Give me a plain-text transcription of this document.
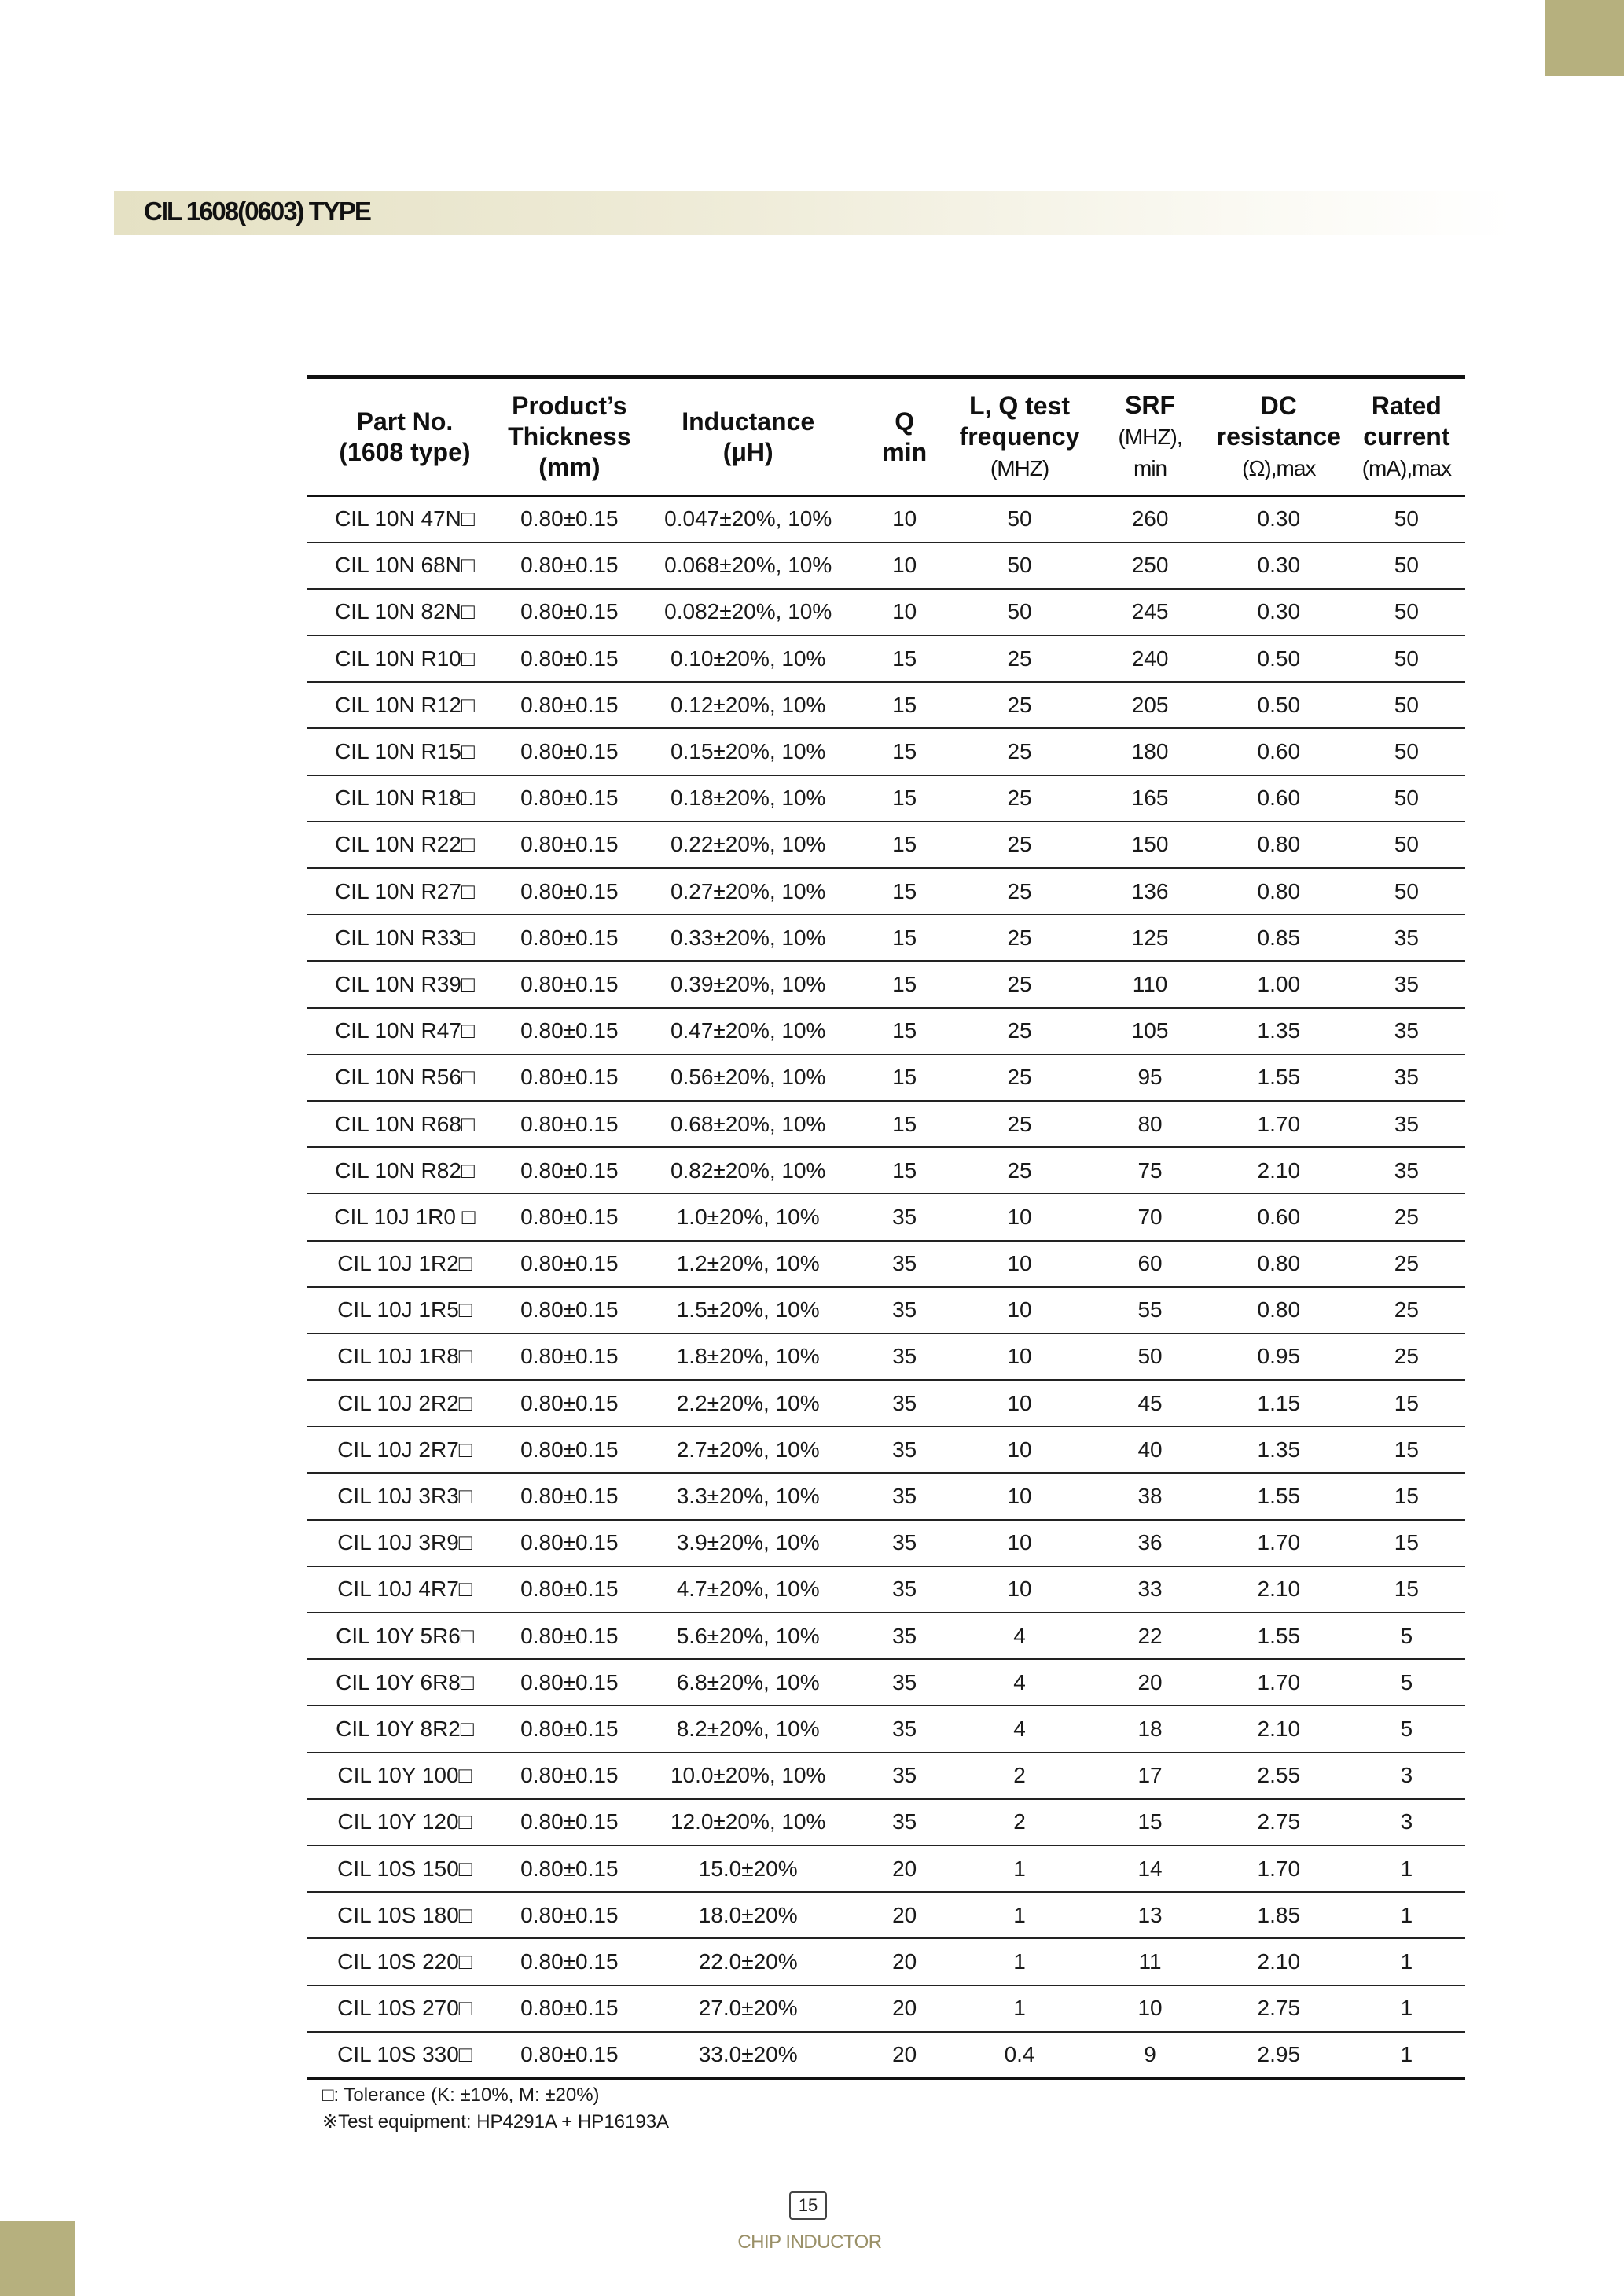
CIL 1608(0603) TYPE
Part No.
(1608 type)	Product’s
Thickness
(mm)	Inductance
(μH)	Q
min	L, Q test
frequency
(MHZ)	SRF
(MHZ),
min	DC
resistance
(Ω),max	Rated
current
(mA),max
CIL 10N 47N□	0.80±0.15	0.047±20%, 10%	10	50	260	0.30	50
CIL 10N 68N□	0.80±0.15	0.068±20%, 10%	10	50	250	0.30	50
CIL 10N 82N□	0.80±0.15	0.082±20%, 10%	10	50	245	0.30	50
CIL 10N R10□	0.80±0.15	0.10±20%, 10%	15	25	240	0.50	50
CIL 10N R12□	0.80±0.15	0.12±20%, 10%	15	25	205	0.50	50
CIL 10N R15□	0.80±0.15	0.15±20%, 10%	15	25	180	0.60	50
CIL 10N R18□	0.80±0.15	0.18±20%, 10%	15	25	165	0.60	50
CIL 10N R22□	0.80±0.15	0.22±20%, 10%	15	25	150	0.80	50
CIL 10N R27□	0.80±0.15	0.27±20%, 10%	15	25	136	0.80	50
CIL 10N R33□	0.80±0.15	0.33±20%, 10%	15	25	125	0.85	35
CIL 10N R39□	0.80±0.15	0.39±20%, 10%	15	25	110	1.00	35
CIL 10N R47□	0.80±0.15	0.47±20%, 10%	15	25	105	1.35	35
CIL 10N R56□	0.80±0.15	0.56±20%, 10%	15	25	95	1.55	35
CIL 10N R68□	0.80±0.15	0.68±20%, 10%	15	25	80	1.70	35
CIL 10N R82□	0.80±0.15	0.82±20%, 10%	15	25	75	2.10	35
CIL 10J 1R0 □	0.80±0.15	1.0±20%, 10%	35	10	70	0.60	25
CIL 10J 1R2□	0.80±0.15	1.2±20%, 10%	35	10	60	0.80	25
CIL 10J 1R5□	0.80±0.15	1.5±20%, 10%	35	10	55	0.80	25
CIL 10J 1R8□	0.80±0.15	1.8±20%, 10%	35	10	50	0.95	25
CIL 10J 2R2□	0.80±0.15	2.2±20%, 10%	35	10	45	1.15	15
CIL 10J 2R7□	0.80±0.15	2.7±20%, 10%	35	10	40	1.35	15
CIL 10J 3R3□	0.80±0.15	3.3±20%, 10%	35	10	38	1.55	15
CIL 10J 3R9□	0.80±0.15	3.9±20%, 10%	35	10	36	1.70	15
CIL 10J 4R7□	0.80±0.15	4.7±20%, 10%	35	10	33	2.10	15
CIL 10Y 5R6□	0.80±0.15	5.6±20%, 10%	35	4	22	1.55	5
CIL 10Y 6R8□	0.80±0.15	6.8±20%, 10%	35	4	20	1.70	5
CIL 10Y 8R2□	0.80±0.15	8.2±20%, 10%	35	4	18	2.10	5
CIL 10Y 100□	0.80±0.15	10.0±20%, 10%	35	2	17	2.55	3
CIL 10Y 120□	0.80±0.15	12.0±20%, 10%	35	2	15	2.75	3
CIL 10S 150□	0.80±0.15	15.0±20%	20	1	14	1.70	1
CIL 10S 180□	0.80±0.15	18.0±20%	20	1	13	1.85	1
CIL 10S 220□	0.80±0.15	22.0±20%	20	1	11	2.10	1
CIL 10S 270□	0.80±0.15	27.0±20%	20	1	10	2.75	1
CIL 10S 330□	0.80±0.15	33.0±20%	20	0.4	9	2.95	1
□: Tolerance (K: ±10%, M: ±20%)
※Test equipment: HP4291A + HP16193A
15
CHIP INDUCTOR
